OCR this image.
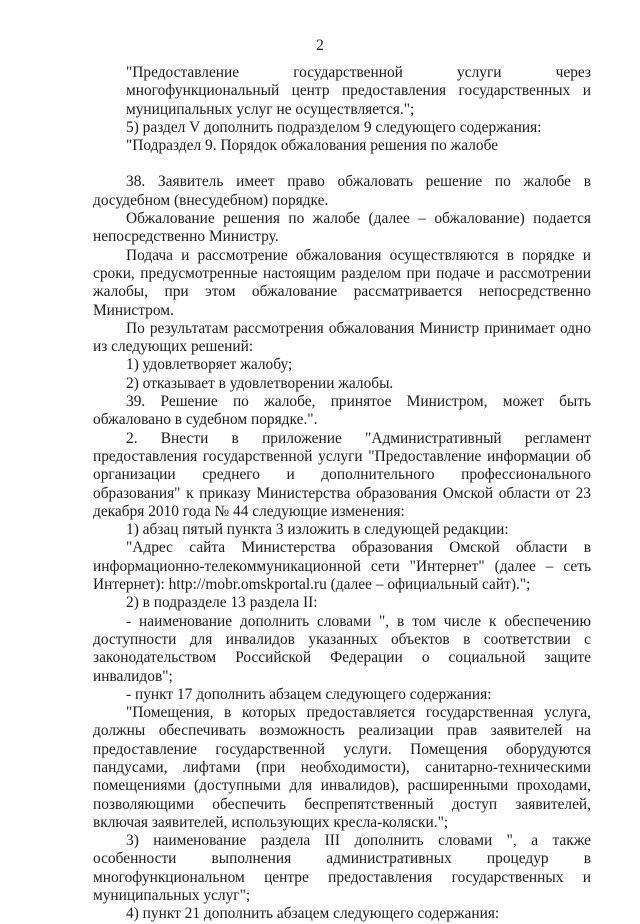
2

"Предоставление государственной услуги через многофункциональный центр предоставления государственных и муниципальных услуг не осуществляется.";

5) раздел V дополнить подразделом 9 следующего содержания:

"Подраздел 9. Порядок обжалования решения по жалобе

38. Заявитель имеет право обжаловать решение по жалобе в досудебном (внесудебном) порядке.

Обжалование решения по жалобе (далее – обжалование) подается непосредственно Министру.

Подача и рассмотрение обжалования осуществляются в порядке и сроки, предусмотренные настоящим разделом при подаче и рассмотрении жалобы, при этом обжалование рассматривается непосредственно Министром.

По результатам рассмотрения обжалования Министр принимает одно из следующих решений:

1) удовлетворяет жалобу;

2) отказывает в удовлетворении жалобы.

39. Решение по жалобе, принятое Министром, может быть обжаловано в судебном порядке.".

2. Внести в приложение "Административный регламент предоставления государственной услуги "Предоставление информации об организации среднего и дополнительного профессионального образования" к приказу Министерства образования Омской области от 23 декабря 2010 года № 44 следующие изменения:

1) абзац пятый пункта 3 изложить в следующей редакции:

"Адрес сайта Министерства образования Омской области в информационно-телекоммуникационной сети "Интернет" (далее – сеть Интернет): http://mobr.omskportal.ru (далее – официальный сайт).";

2) в подразделе 13 раздела II:

- наименование дополнить словами ", в том числе к обеспечению доступности для инвалидов указанных объектов в соответствии с законодательством Российской Федерации о социальной защите инвалидов";

- пункт 17 дополнить абзацем следующего содержания:

"Помещения, в которых предоставляется государственная услуга, должны обеспечивать возможность реализации прав заявителей на предоставление государственной услуги. Помещения оборудуются пандусами, лифтами (при необходимости), санитарно-техническими помещениями (доступными для инвалидов), расширенными проходами, позволяющими обеспечить беспрепятственный доступ заявителей, включая заявителей, использующих кресла-коляски.";

3) наименование раздела III дополнить словами ", а также особенности выполнения административных процедур в многофункциональном центре предоставления государственных и муниципальных услуг";

4) пункт 21 дополнить абзацем следующего содержания:
